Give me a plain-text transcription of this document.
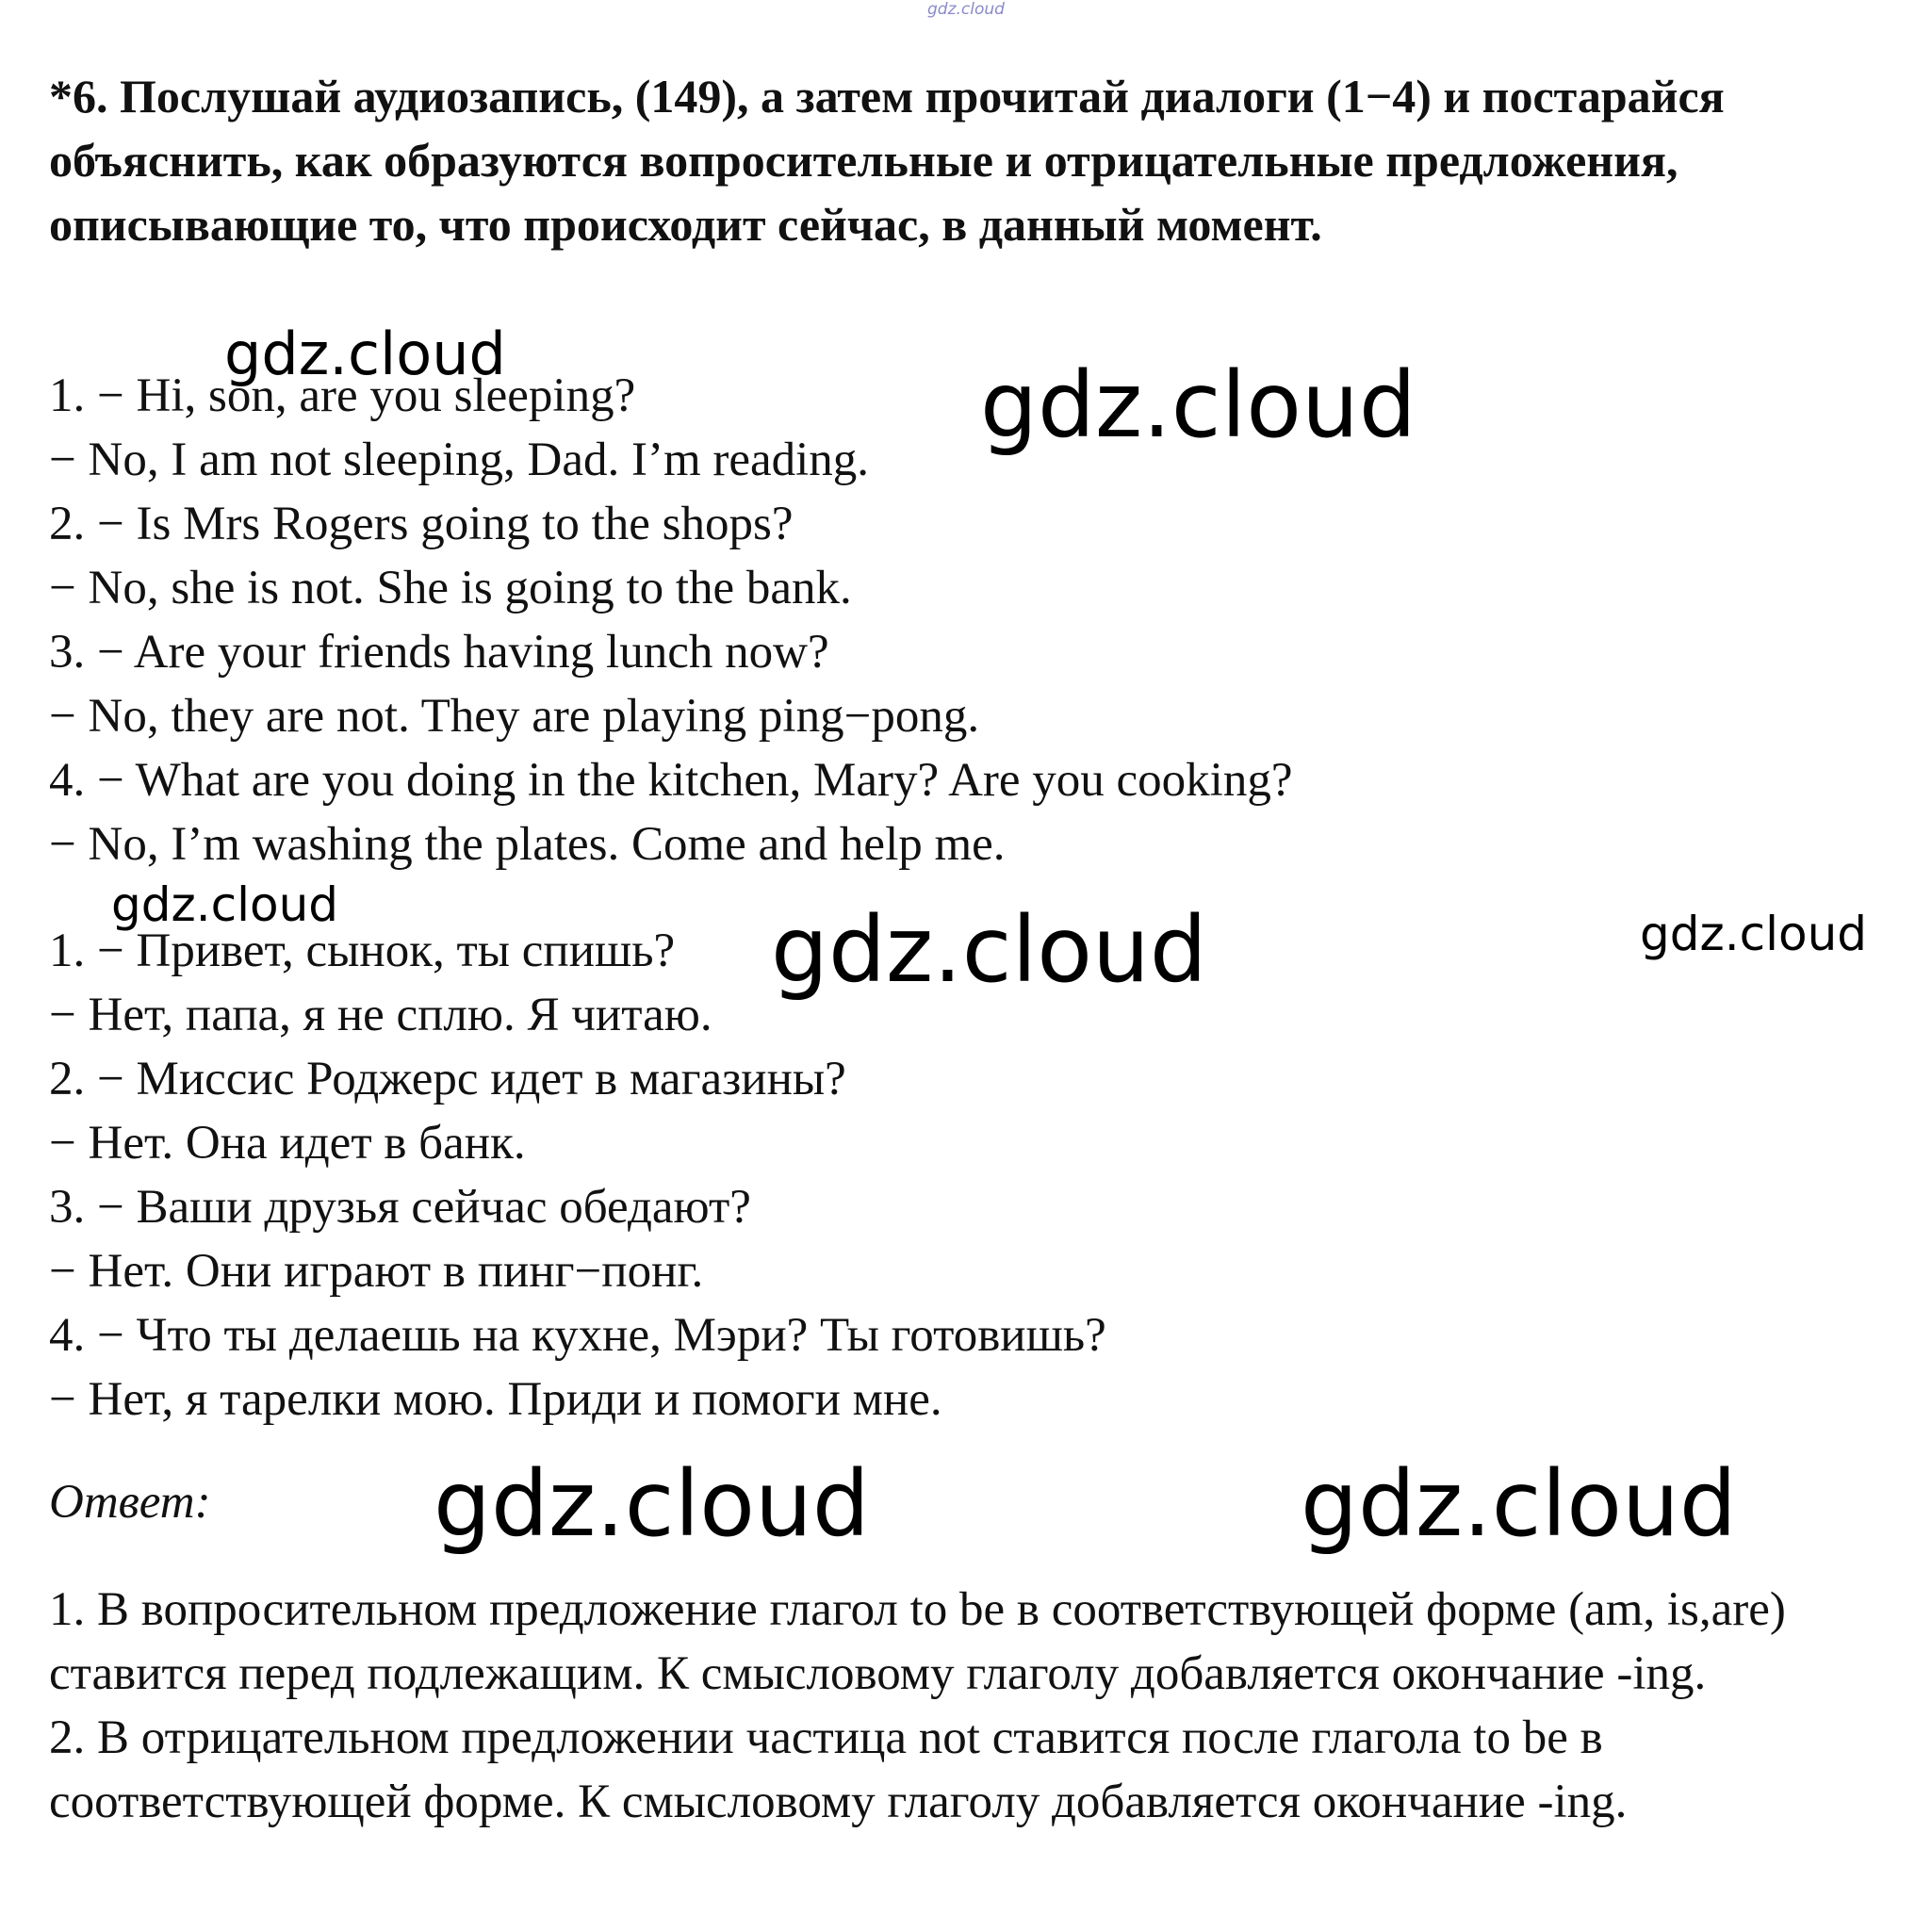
gdz.cloud

*6. Послушай аудиозапись, (149), а затем прочитай диалоги (1−4) и постарайся объяснить, как образуются вопросительные и отрицательные предложения, описывающие то, что происходит сейчас, в данный момент.

1. − Hi, son, are you sleeping?
− No, I am not sleeping, Dad. I’m reading.
2. − Is Mrs Rogers going to the shops?
− No, she is not. She is going to the bank.
3. − Are your friends having lunch now?
− No, they are not. They are playing ping−pong.
4. − What are you doing in the kitchen, Mary? Are you cooking?
− No, I’m washing the plates. Come and help me.
1. − Привет, сынок, ты спишь?
− Нет, папа, я не сплю. Я читаю.
2. − Миссис Роджерс идет в магазины?
− Нет. Она идет в банк.
3. − Ваши друзья сейчас обедают?
− Нет. Они играют в пинг−понг.
4. − Что ты делаешь на кухне, Мэри? Ты готовишь?
− Нет, я тарелки мою. Приди и помоги мне.
Ответ:
1. В вопросительном предложение глагол to be в соответствующей форме (am, is,are) ставится перед подлежащим. К смысловому глаголу добавляется окончание -ing.
2. В отрицательном предложении частица not ставится после глагола to be в соответствующей форме. К смысловому глаголу добавляется окончание -ing.
gdz.cloud	gdz.cloud
gdz.cloud	gdz.cloud	gdz.cloud
gdz.cloud	gdz.cloud
